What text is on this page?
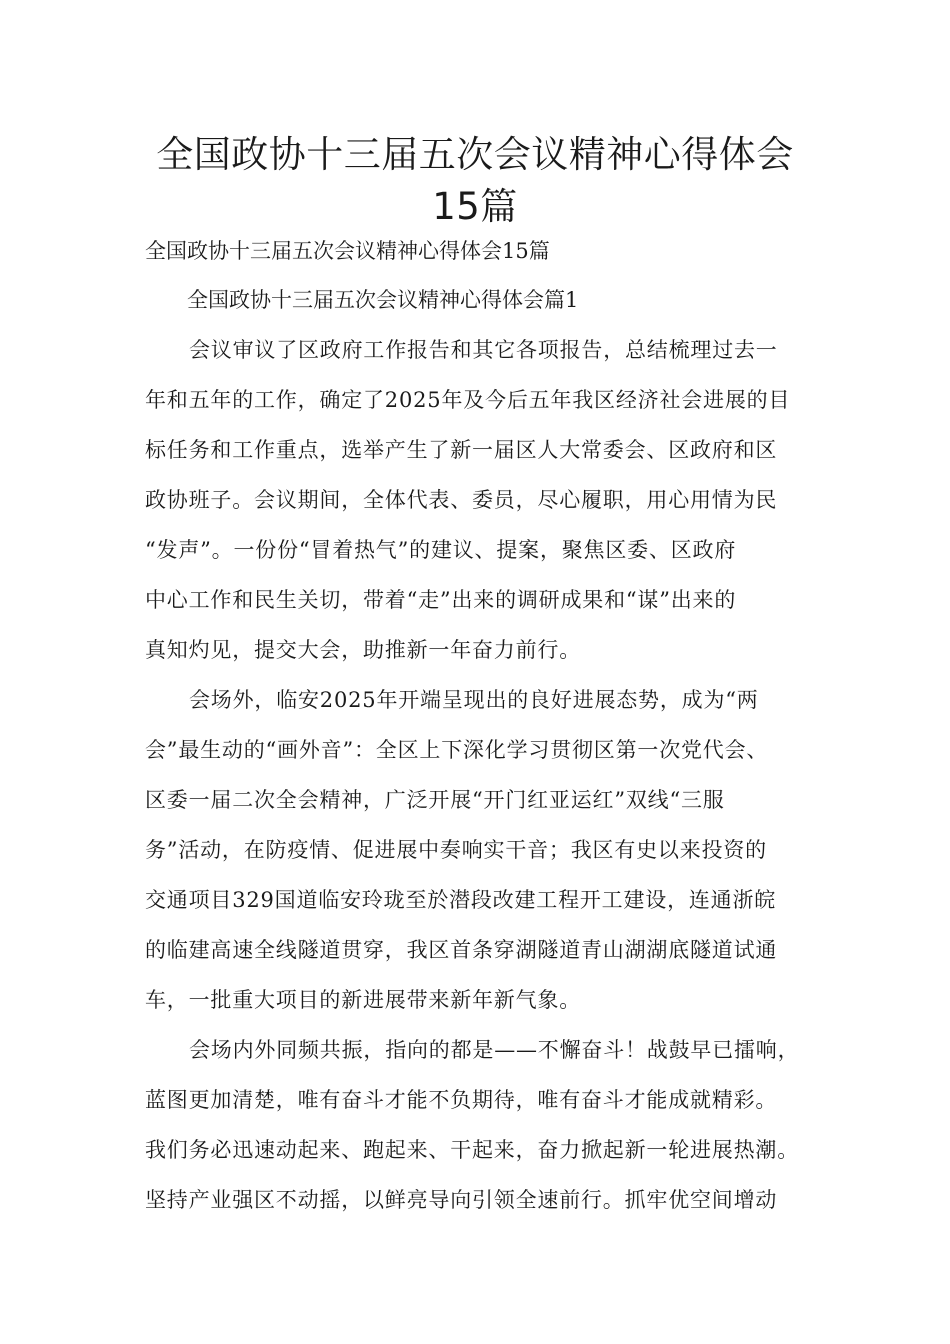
全国政协十三届五次会议精神心得体会
15篇

全国政协十三届五次会议精神心得体会15篇

全国政协十三届五次会议精神心得体会篇1

会议审议了区政府工作报告和其它各项报告，总结梳理过去一
年和五年的工作，确定了2025年及今后五年我区经济社会进展的目
标任务和工作重点，选举产生了新一届区人大常委会、区政府和区
政协班子。会议期间，全体代表、委员，尽心履职，用心用情为民
“发声”。一份份“冒着热气”的建议、提案，聚焦区委、区政府
中心工作和民生关切，带着“走”出来的调研成果和“谋”出来的
真知灼见，提交大会，助推新一年奋力前行。
会场外，临安2025年开端呈现出的良好进展态势，成为“两
会”最生动的“画外音”：全区上下深化学习贯彻区第一次党代会、
区委一届二次全会精神，广泛开展“开门红亚运红”双线“三服
务”活动，在防疫情、促进展中奏响实干音；我区有史以来投资的
交通项目329国道临安玲珑至於潜段改建工程开工建设，连通浙皖
的临建高速全线隧道贯穿，我区首条穿湖隧道青山湖湖底隧道试通
车，一批重大项目的新进展带来新年新气象。
会场内外同频共振，指向的都是——不懈奋斗！战鼓早已擂响，
蓝图更加清楚，唯有奋斗才能不负期待，唯有奋斗才能成就精彩。
我们务必迅速动起来、跑起来、干起来，奋力掀起新一轮进展热潮。
坚持产业强区不动摇，以鲜亮导向引领全速前行。抓牢优空间增动
